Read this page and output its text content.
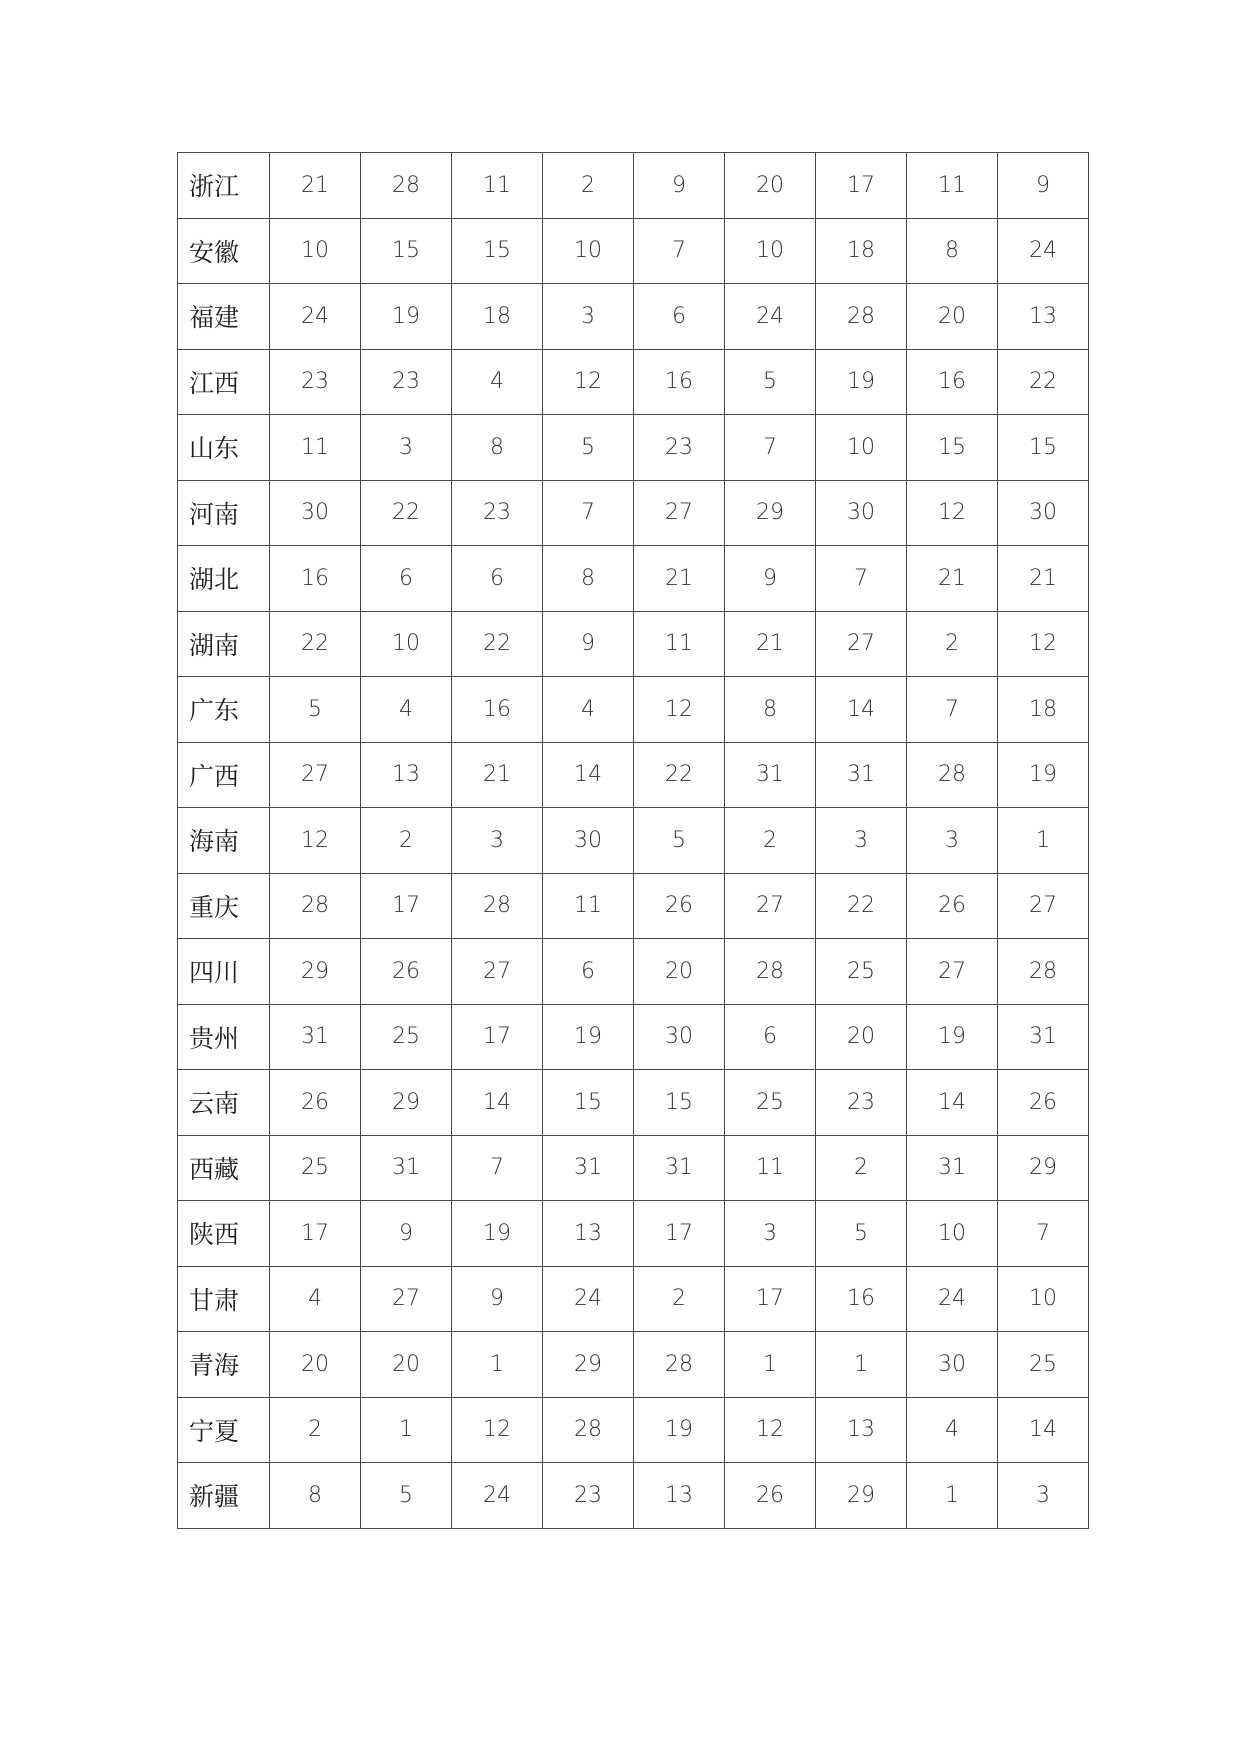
浙江	21	28	11	2	9	20	17	11	9
安徽	10	15	15	10	7	10	18	8	24
福建	24	19	18	3	6	24	28	20	13
江西	23	23	4	12	16	5	19	16	22
山东	11	3	8	5	23	7	10	15	15
河南	30	22	23	7	27	29	30	12	30
湖北	16	6	6	8	21	9	7	21	21
湖南	22	10	22	9	11	21	27	2	12
广东	5	4	16	4	12	8	14	7	18
广西	27	13	21	14	22	31	31	28	19
海南	12	2	3	30	5	2	3	3	1
重庆	28	17	28	11	26	27	22	26	27
四川	29	26	27	6	20	28	25	27	28
贵州	31	25	17	19	30	6	20	19	31
云南	26	29	14	15	15	25	23	14	26
西藏	25	31	7	31	31	11	2	31	29
陕西	17	9	19	13	17	3	5	10	7
甘肃	4	27	9	24	2	17	16	24	10
青海	20	20	1	29	28	1	1	30	25
宁夏	2	1	12	28	19	12	13	4	14
新疆	8	5	24	23	13	26	29	1	3
